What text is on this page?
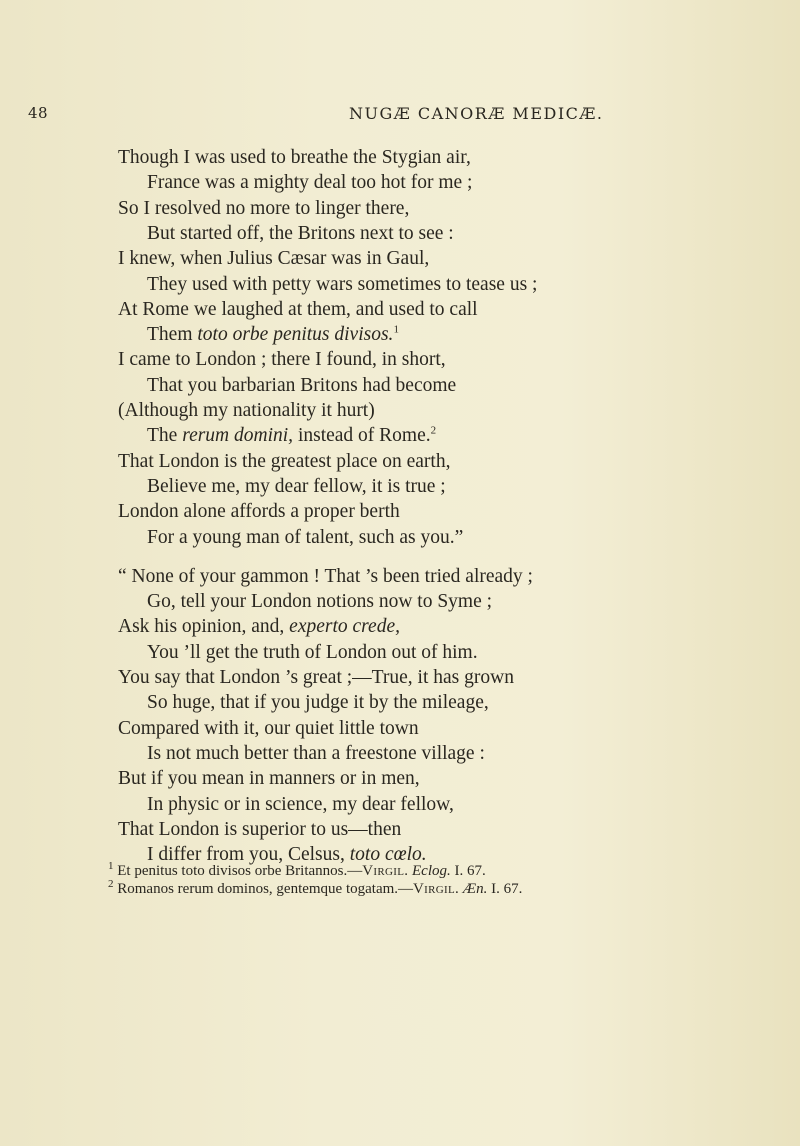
48	NUGÆ CANORÆ MEDICÆ.
Though I was used to breathe the Stygian air,
France was a mighty deal too hot for me ;
So I resolved no more to linger there,
But started off, the Britons next to see :
I knew, when Julius Cæsar was in Gaul,
They used with petty wars sometimes to tease us ;
At Rome we laughed at them, and used to call
Them toto orbe penitus divisos.$^1$
I came to London ; there I found, in short,
That you barbarian Britons had become
(Although my nationality it hurt)
The rerum domini, instead of Rome.$^2$
That London is the greatest place on earth,
Believe me, my dear fellow, it is true ;
London alone affords a proper berth
For a young man of talent, such as you.”
“ None of your gammon ! That ’s been tried already ;
Go, tell your London notions now to Syme ;
Ask his opinion, and, experto crede,
You ’ll get the truth of London out of him.
You say that London ’s great ;—True, it has grown
So huge, that if you judge it by the mileage,
Compared with it, our quiet little town
Is not much better than a freestone village :
But if you mean in manners or in men,
In physic or in science, my dear fellow,
That London is superior to us—then
I differ from you, Celsus, toto cœlo.
$^1$ Et penitus toto divisos orbe Britannos.—Virgil. Eclog. I. 67.
$^2$ Romanos rerum dominos, gentemque togatam.—Virgil. Æn. I. 67.
